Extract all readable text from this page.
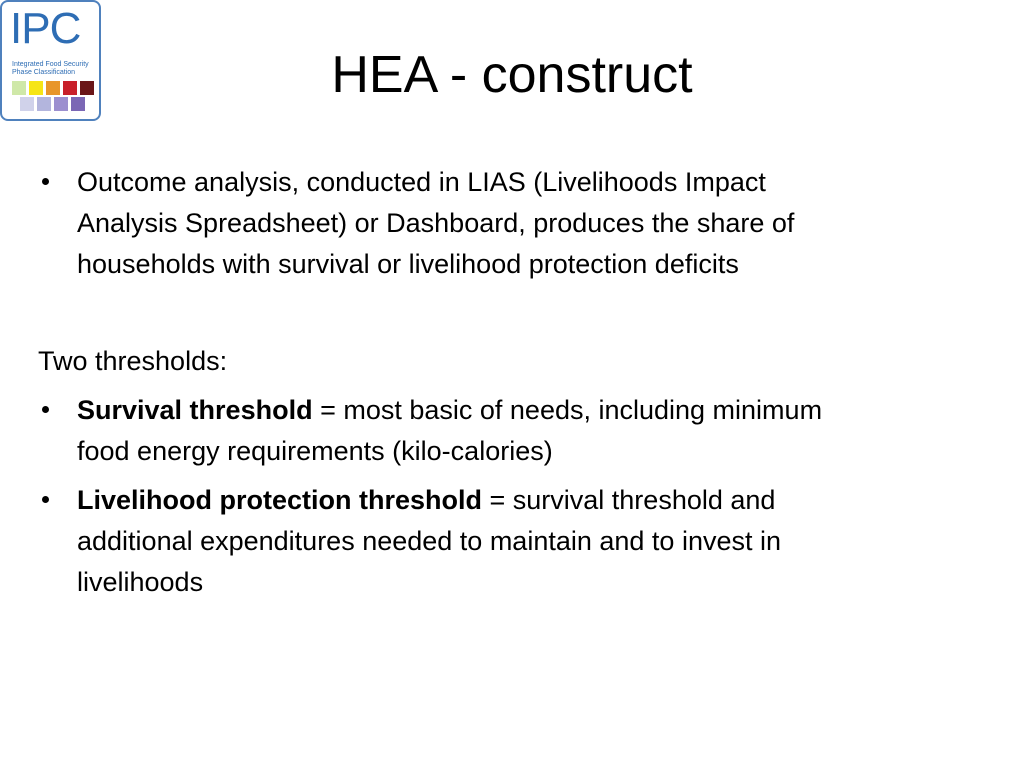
IPC
Integrated Food Security
Phase Classification	HEA - construct
Outcome analysis, conducted in LIAS (Livelihoods Impact
Analysis Spreadsheet) or Dashboard, produces the share of
households with survival or livelihood protection deficits
Two thresholds:
Survival threshold = most basic of needs, including minimum
food energy requirements (kilo-calories)
Livelihood protection threshold = survival threshold and
additional expenditures needed to maintain and to invest in
livelihoods
